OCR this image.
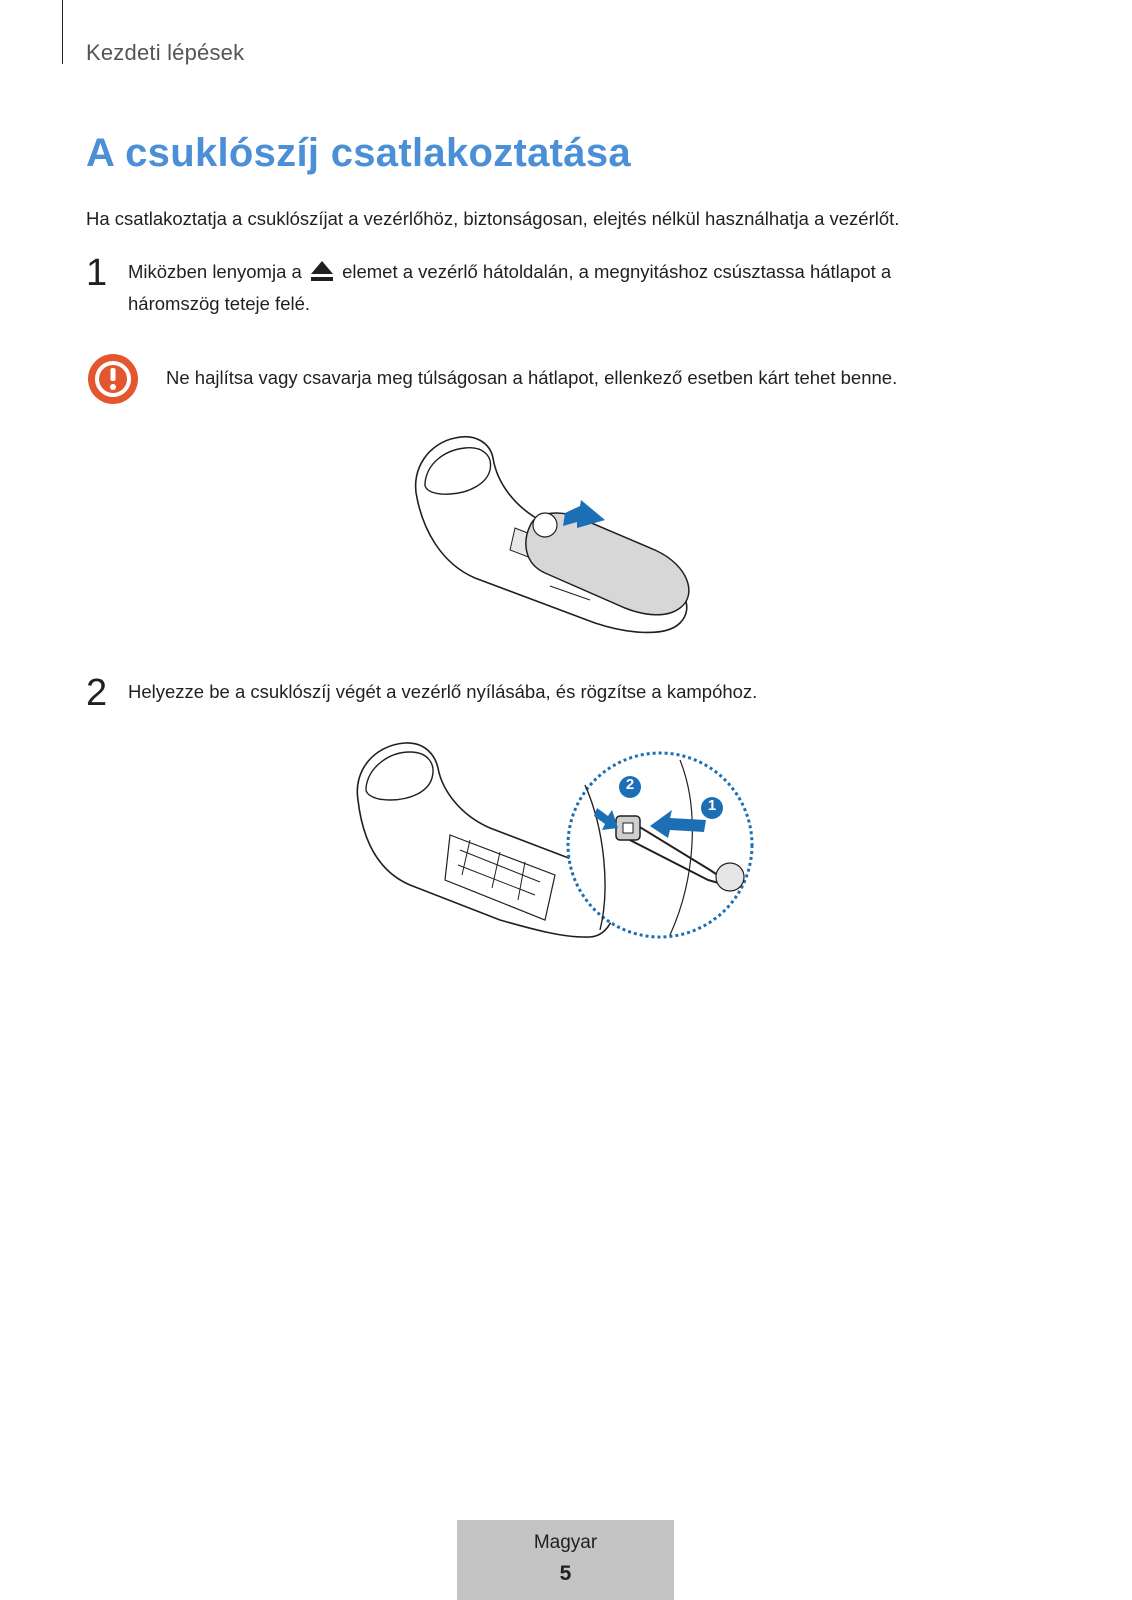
Kezdeti lépések
A csuklószíj csatlakoztatása
Ha csatlakoztatja a csuklószíjat a vezérlőhöz, biztonságosan, elejtés nélkül használhatja a vezérlőt.
1 Miközben lenyomja a elemet a vezérlő hátoldalán, a megnyitáshoz csúsztassa hátlapot a
háromszög teteje felé.
Ne hajlítsa vagy csavarja meg túlságosan a hátlapot, ellenkező esetben kárt tehet benne.
2 Helyezze be a csuklószíj végét a vezérlő nyílásába, és rögzítse a kampóhoz.
2
1
Magyar
5
